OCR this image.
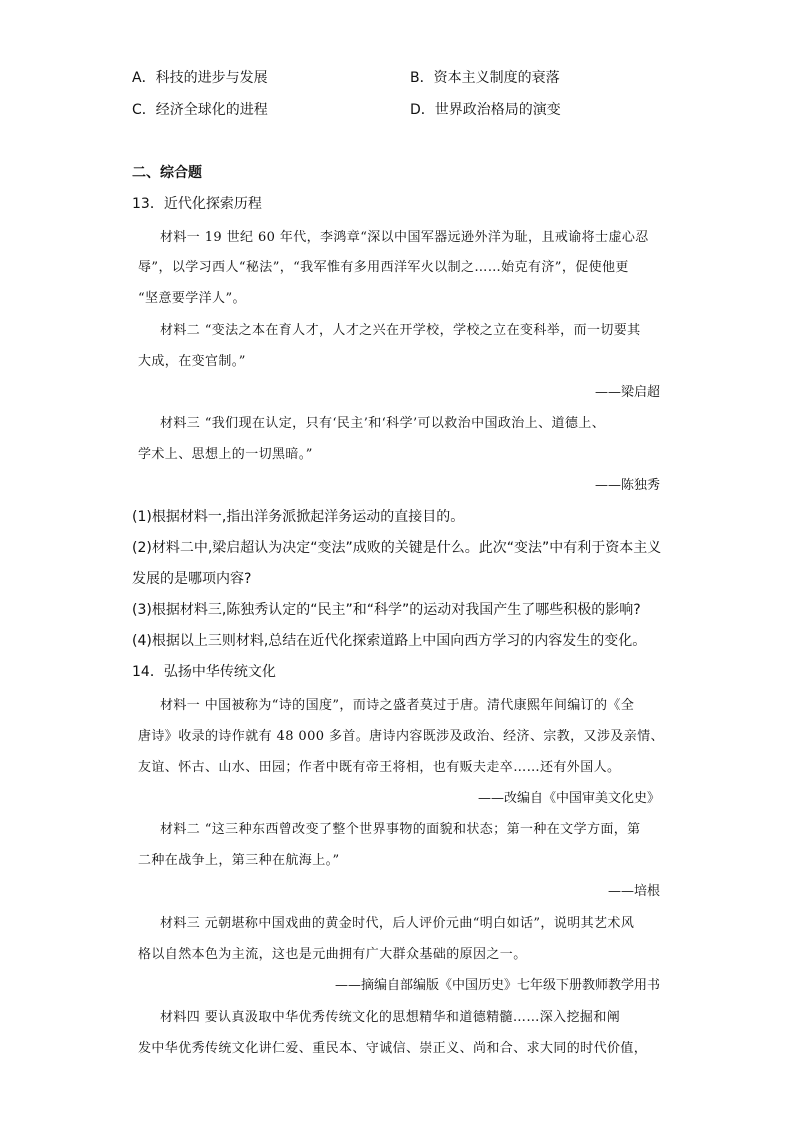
A．科技的进步与发展	B．资本主义制度的衰落
C．经济全球化的进程	D．世界政治格局的演变
二、综合题
13．近代化探索历程
材料一 19 世纪 60 年代，李鸿章“深以中国军器远逊外洋为耻，且戒谕将士虚心忍
辱”，以学习西人“秘法”，“我军惟有多用西洋军火以制之……始克有济”，促使他更
“坚意要学洋人”。
材料二 “变法之本在育人才，人才之兴在开学校，学校之立在变科举，而一切要其
大成，在变官制。”
——梁启超
材料三 “我们现在认定，只有‘民主’和‘科学’可以救治中国政治上、道德上、
学术上、思想上的一切黑暗。”
——陈独秀
(1)根据材料一,指出洋务派掀起洋务运动的直接目的。
(2)材料二中,梁启超认为决定“变法”成败的关键是什么。此次“变法”中有利于资本主义
发展的是哪项内容?
(3)根据材料三,陈独秀认定的“民主”和“科学”的运动对我国产生了哪些积极的影响?
(4)根据以上三则材料,总结在近代化探索道路上中国向西方学习的内容发生的变化。
14．弘扬中华传统文化
材料一 中国被称为“诗的国度”，而诗之盛者莫过于唐。清代康熙年间编订的《全
唐诗》收录的诗作就有 48 000 多首。唐诗内容既涉及政治、经济、宗教，又涉及亲情、
友谊、怀古、山水、田园；作者中既有帝王将相，也有贩夫走卒……还有外国人。
——改编自《中国审美文化史》
材料二 “这三种东西曾改变了整个世界事物的面貌和状态；第一种在文学方面，第
二种在战争上，第三种在航海上。”
——培根
材料三 元朝堪称中国戏曲的黄金时代，后人评价元曲“明白如话”，说明其艺术风
格以自然本色为主流，这也是元曲拥有广大群众基础的原因之一。
——摘编自部编版《中国历史》七年级下册教师教学用书
材料四 要认真汲取中华优秀传统文化的思想精华和道德精髓……深入挖掘和阐
发中华优秀传统文化讲仁爱、重民本、守诚信、崇正义、尚和合、求大同的时代价值，
